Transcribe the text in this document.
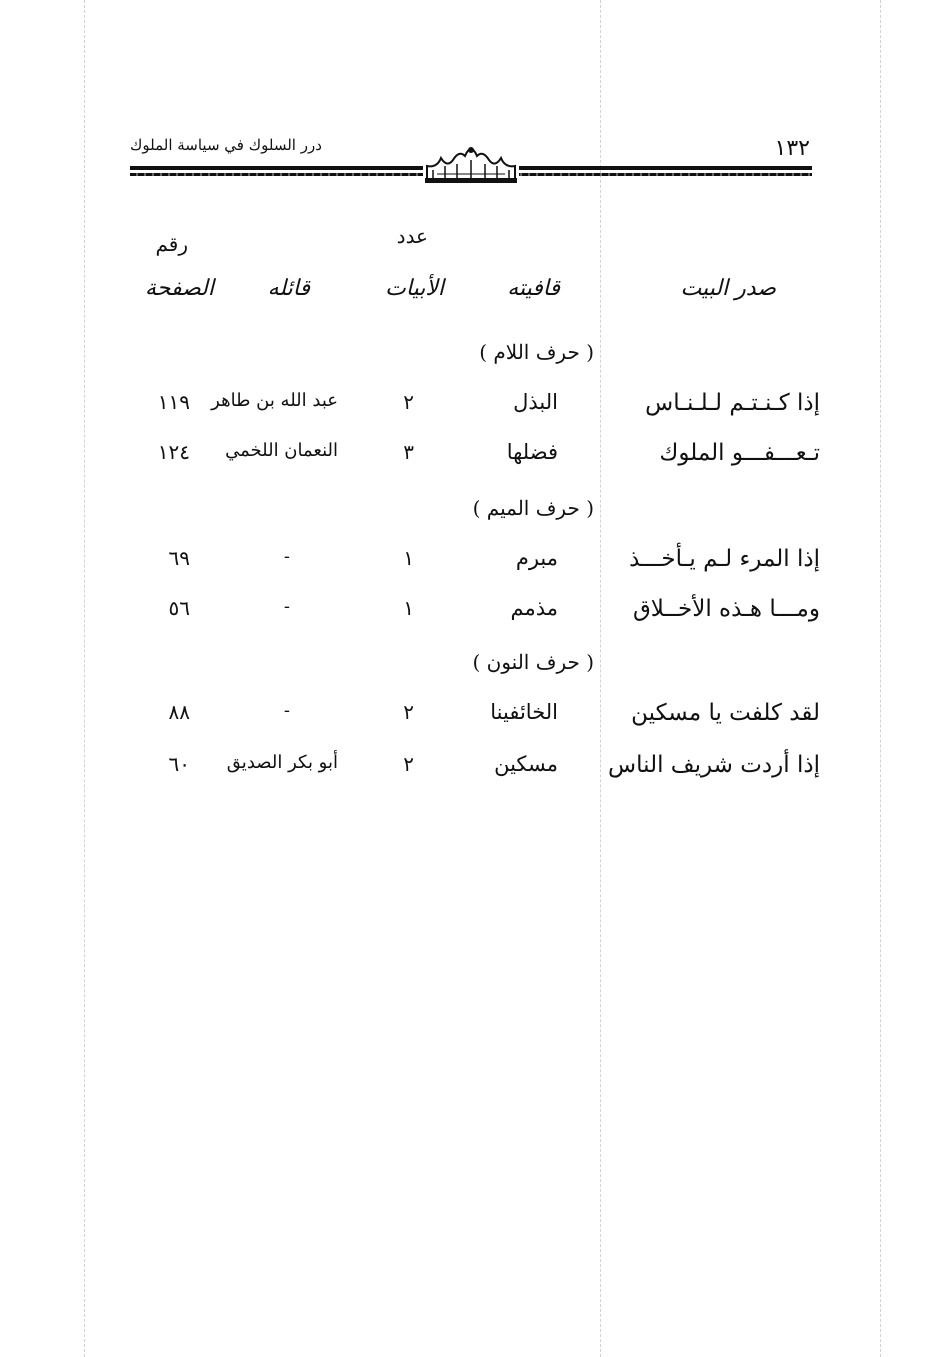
درر السلوك في سياسة الملوك	١٣٢
صدر البيت
قافيته
عدد
الأبيات
قائله
رقم
الصفحة
( حرف اللام )
إذا كـنـتـم لـلـنـاس
البذل
٢
عبد الله بن طاهر
١١٩
تـعـــفـــو الملوك
فضلها
٣
النعمان اللخمي
١٢٤
( حرف الميم )
إذا المرء لـم يـأخـــذ
مبرم
١
-
٦٩
ومـــا هـذه الأخــلاق
مذمم
١
-
٥٦
( حرف النون )
لقد كلفت يا مسكين
الخائفينا
٢
-
٨٨
إذا أردت شريف الناس
مسكين
٢
أبو بكر الصديق
٦٠
